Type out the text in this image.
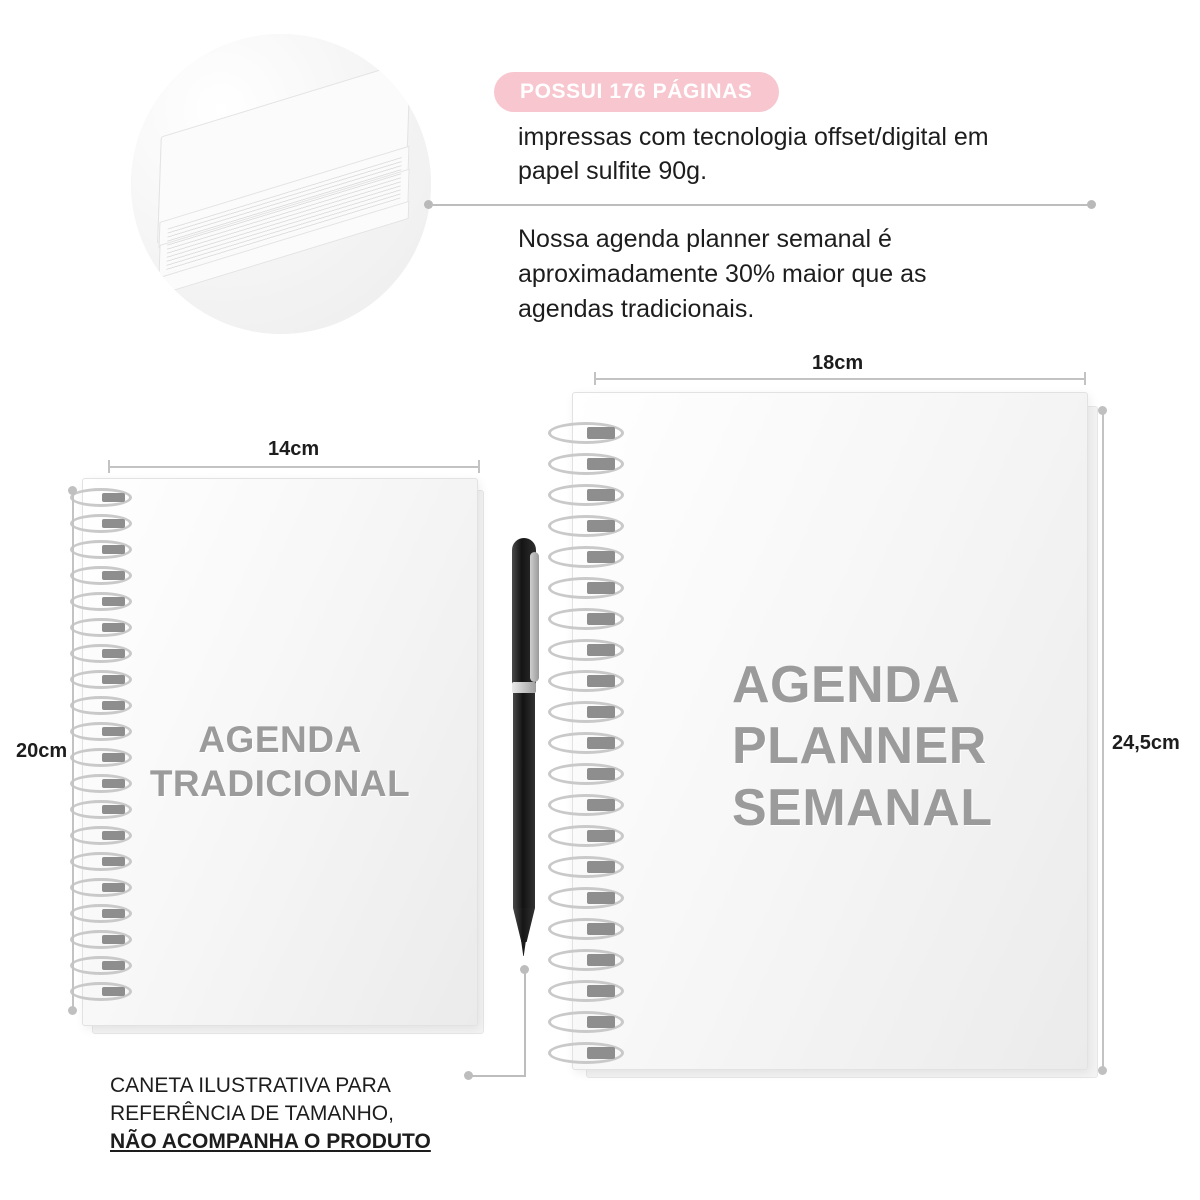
POSSUI 176 PÁGINAS
impressas com tecnologia offset/digital em papel sulfite 90g.
Nossa agenda planner semanal é aproximadamente 30% maior que as agendas tradicionais.
AGENDA
TRADICIONAL
14cm
20cm
AGENDA
PLANNER
SEMANAL
18cm
24,5cm
CANETA ILUSTRATIVA PARA
REFERÊNCIA DE TAMANHO,
NÃO ACOMPANHA O PRODUTO
